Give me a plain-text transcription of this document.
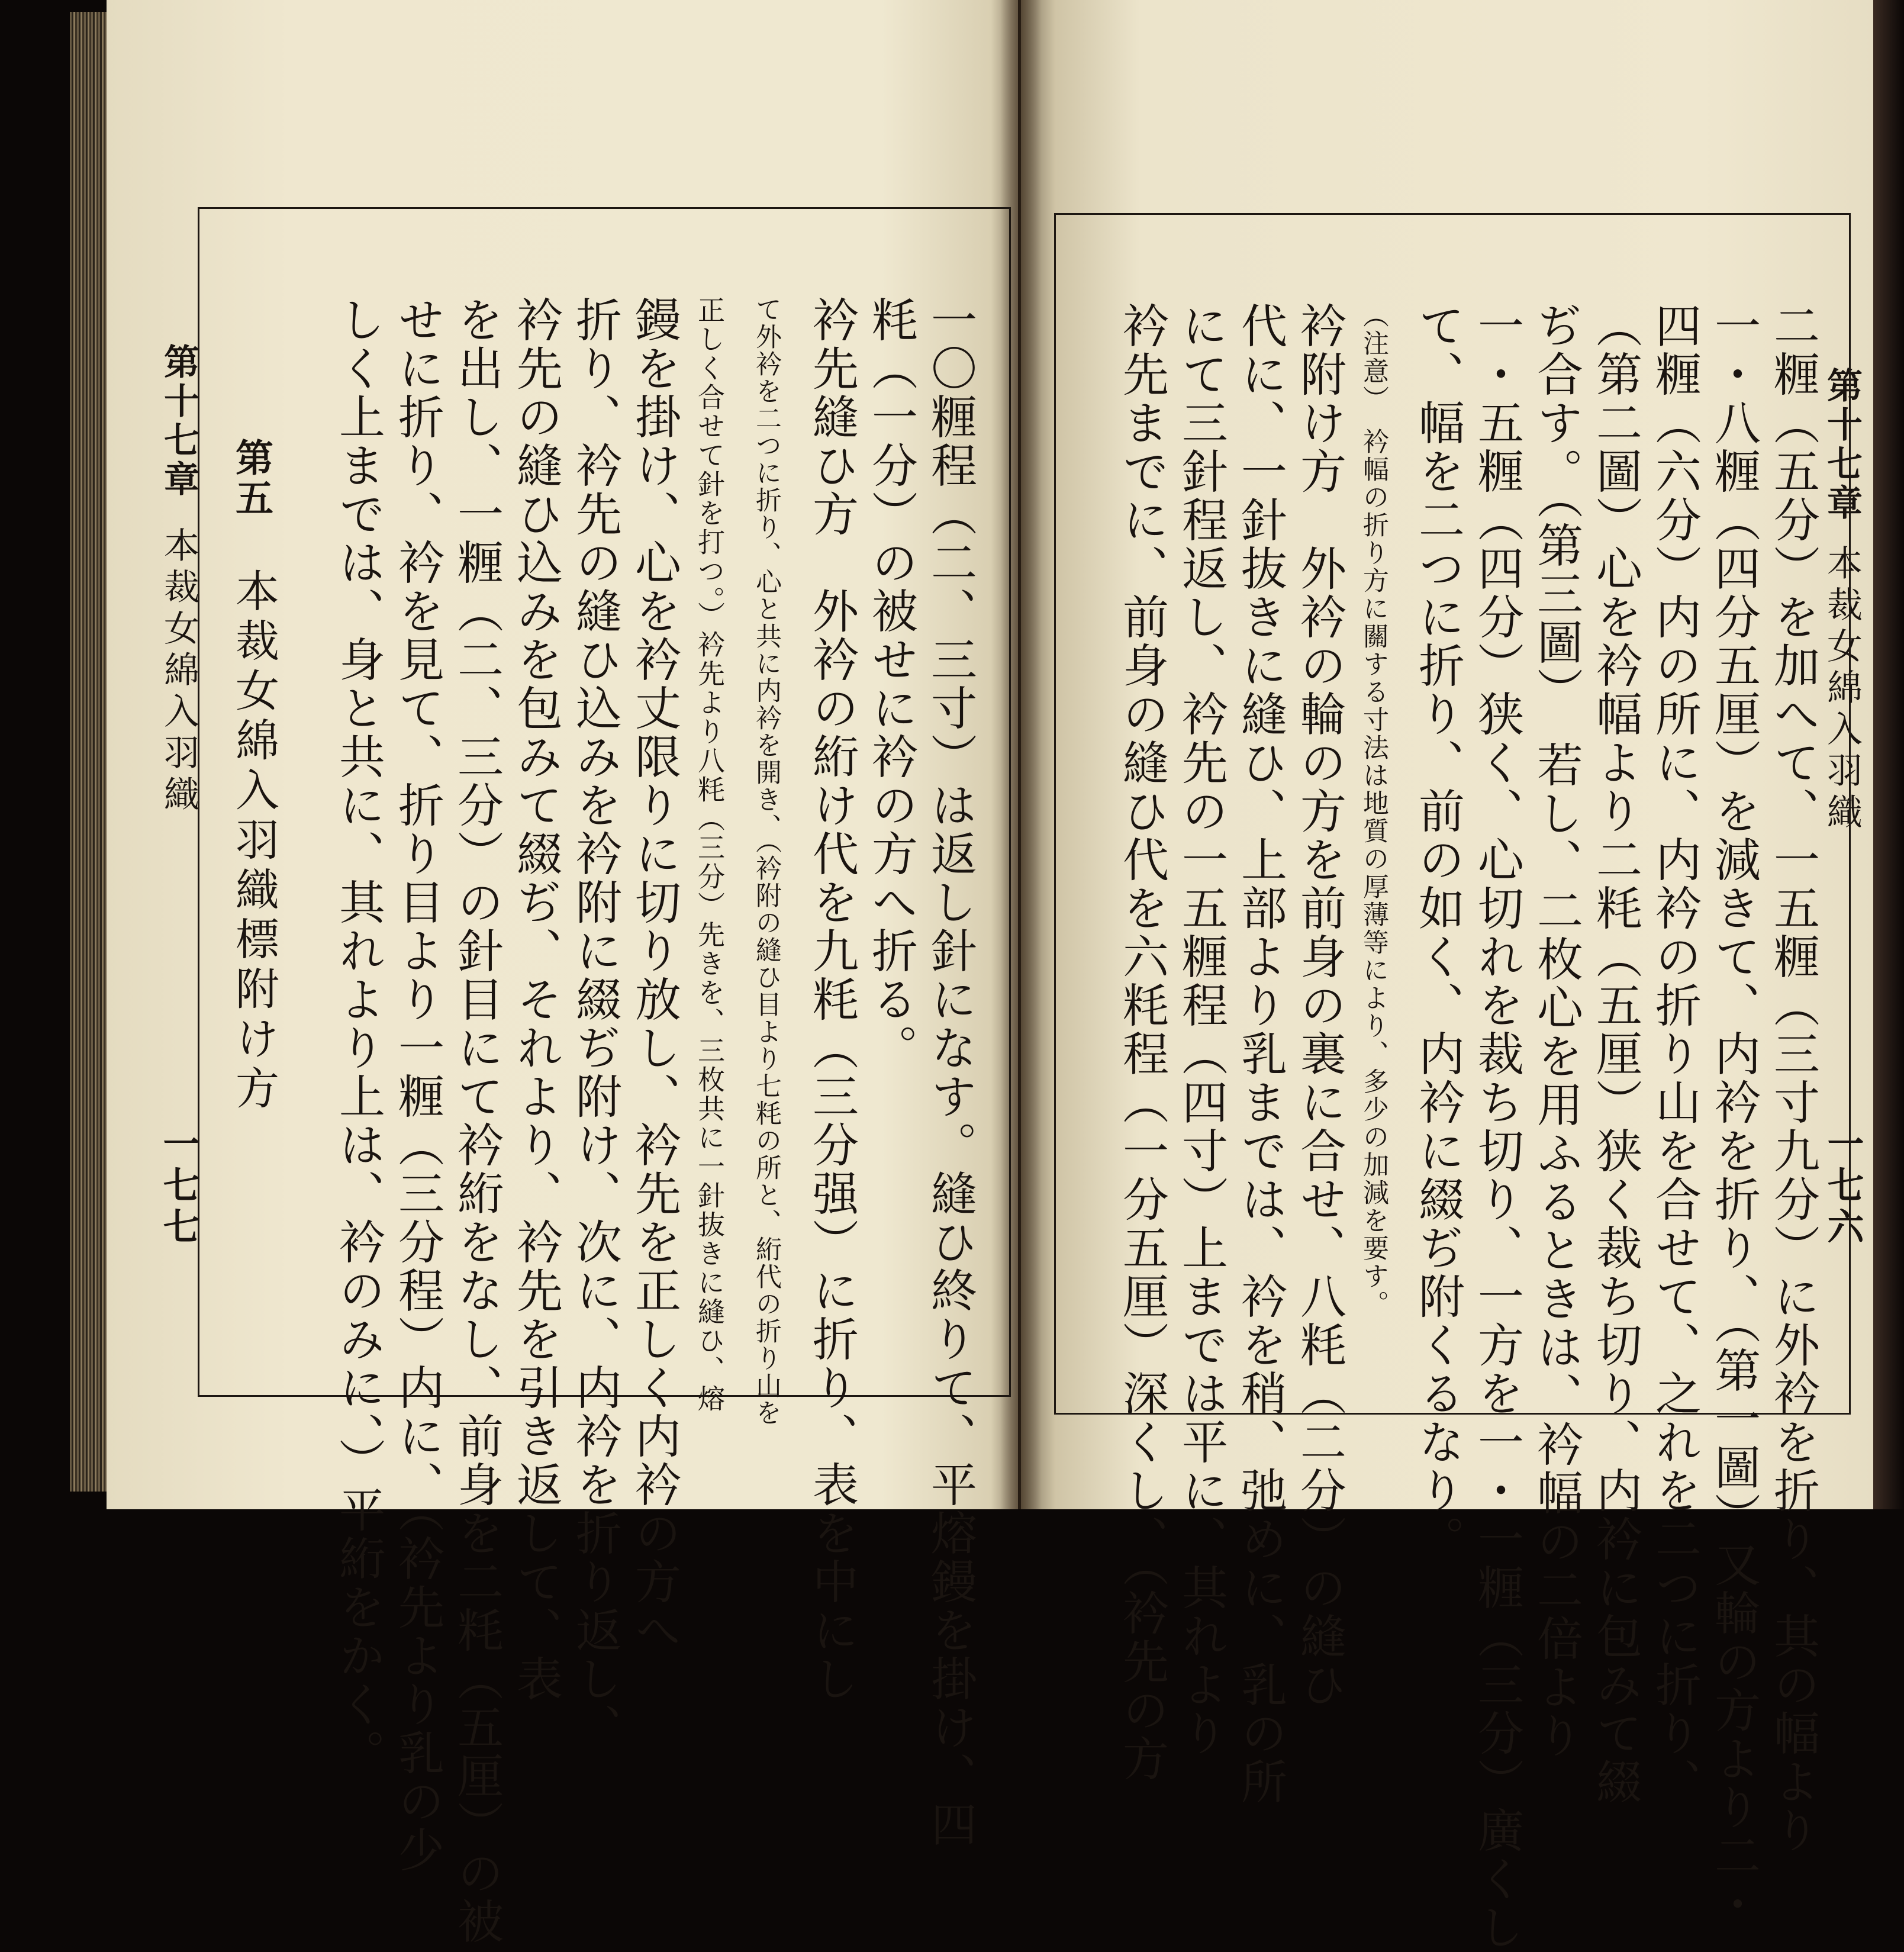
第十七章
本裁女綿入羽織
一七七	一〇糎程（二、三寸）は返し針になす。縫ひ終りて、平熔鏝を掛け、四
粍（一分）の被せに衿の方へ折る。
衿先縫ひ方　外衿の絎け代を九粍（三分强）に折り、表を中にし
て外衿を二つに折り、心と共に内衿を開き、（衿附の縫ひ目より七粍の所と、絎代の折り山を
正しく合せて針を打つ。）衿先より八粍（三分）先きを、三枚共に一針抜きに縫ひ、熔
鏝を掛け、心を衿丈限りに切り放し、衿先を正しく内衿の方へ
折り、衿先の縫ひ込みを衿附に綴ぢ附け、次に、内衿を折り返し、
衿先の縫ひ込みを包みて綴ぢ、それより、衿先を引き返して、表
を出し、一糎（二、三分）の針目にて衿絎をなし、前身を二粍（五厘）の被
せに折り、衿を見て、折り目より一糎（三分程）内に、（衿先より乳の少
しく上までは、身と共に、其れより上は、衿のみに、）平絎をかく。
第五
本裁女綿入羽織標附け方
第十七章
本裁女綿入羽織
一七六
二糎（五分）を加へて、一五糎（三寸九分）に外衿を折り、其の幅より
一・八糎（四分五厘）を減きて、内衿を折り、（第一圖）又輪の方より二・
四糎（六分）内の所に、内衿の折り山を合せて、之れを二つに折り、
（第二圖）心を衿幅より二粍（五厘）狭く裁ち切り、内衿に包みて綴
ぢ合す。（第三圖）　若し、二枚心を用ふるときは、衿幅の二倍より
一・五糎（四分）狭く、心切れを裁ち切り、一方を一・一糎（三分）廣くし
て、幅を二つに折り、前の如く、内衿に綴ぢ附くるなり。
（注意）　衿幅の折り方に關する寸法は地質の厚薄等により、多少の加減を要す。
衿附け方　外衿の輪の方を前身の裏に合せ、八粍（二分）の縫ひ
代に、一針抜きに縫ひ、上部より乳までは、衿を稍、弛めに、乳の所
にて三針程返し、衿先の一五糎程（四寸）上までは平に、其れより
衿先までに、前身の縫ひ代を六粍程（一分五厘）深くし、（衿先の方
